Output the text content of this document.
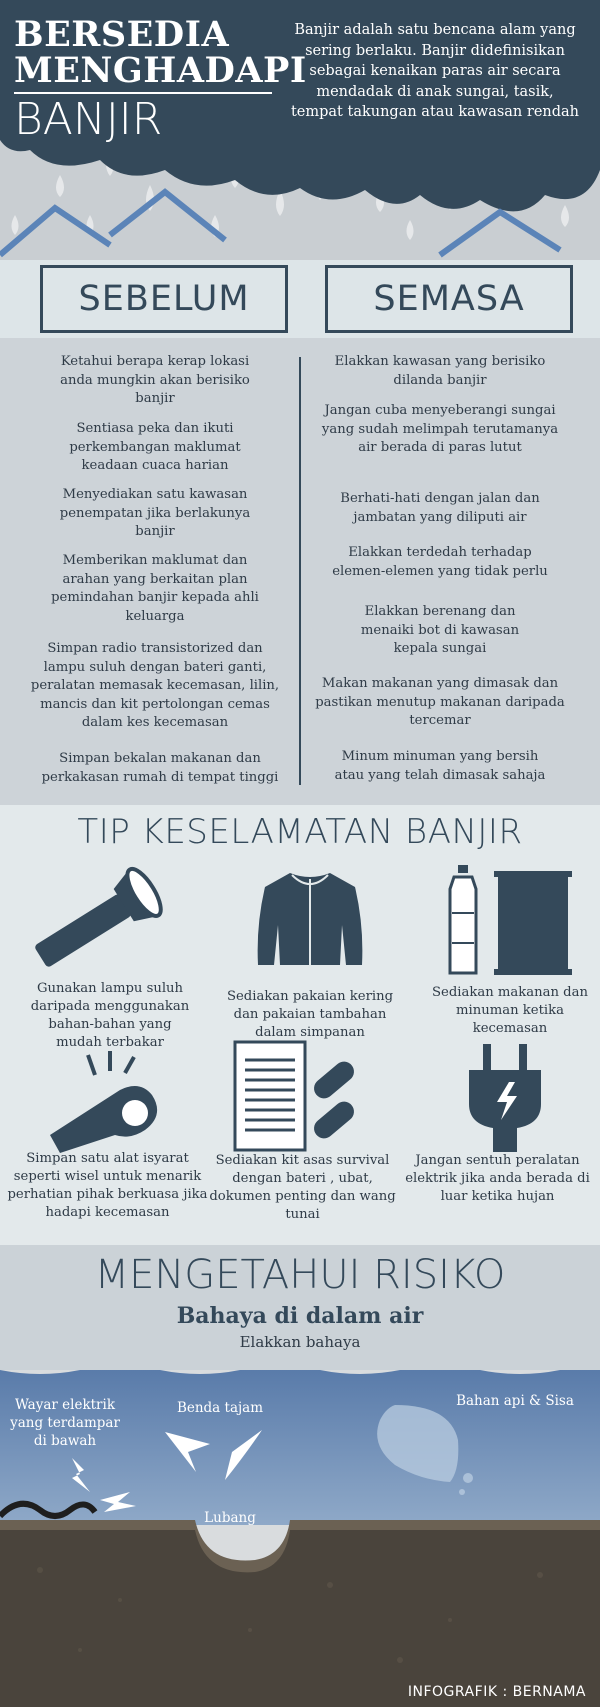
BERSEDIA
MENGHADAPI
BANJIR
Banjir adalah satu bencana alam yang sering berlaku. Banjir didefinisikan sebagai kenaikan paras air secara mendadak di anak sungai, tasik, tempat takungan atau kawasan rendah
SEBELUM	SEMASA
Ketahui berapa kerap lokasi anda mungkin akan berisiko banjir
Sentiasa peka dan ikuti perkembangan maklumat keadaan cuaca harian
Menyediakan satu kawasan penempatan jika berlakunya banjir
Memberikan maklumat dan arahan yang berkaitan plan pemindahan banjir kepada ahli keluarga
Simpan radio transistorized dan lampu suluh dengan bateri ganti, peralatan memasak kecemasan, lilin, mancis dan kit pertolongan cemas dalam kes kecemasan
Simpan bekalan makanan dan perkakasan rumah di tempat tinggi
Elakkan kawasan yang berisiko dilanda banjir
Jangan cuba menyeberangi sungai yang sudah melimpah terutamanya air berada di paras lutut
Berhati-hati dengan jalan dan jambatan yang diliputi air
Elakkan terdedah terhadap elemen-elemen yang tidak perlu
Elakkan berenang dan menaiki bot di kawasan kepala sungai
Makan makanan yang dimasak dan pastikan menutup makanan daripada tercemar
Minum minuman yang bersih atau yang telah dimasak sahaja
TIP KESELAMATAN BANJIR
Gunakan lampu suluh daripada menggunakan bahan-bahan yang mudah terbakar
Sediakan pakaian kering dan pakaian tambahan dalam simpanan
Sediakan makanan dan minuman ketika kecemasan
Simpan satu alat isyarat seperti wisel untuk menarik perhatian pihak berkuasa jika hadapi kecemasan
Sediakan kit asas survival dengan bateri , ubat, dokumen penting dan wang tunai
Jangan sentuh peralatan elektrik jika anda berada di luar ketika hujan
MENGETAHUI RISIKO
Bahaya di dalam air
Elakkan bahaya
Wayar elektrik yang terdampar di bawah
Benda tajam	Bahan api & Sisa
Lubang
INFOGRAFIK : BERNAMA
